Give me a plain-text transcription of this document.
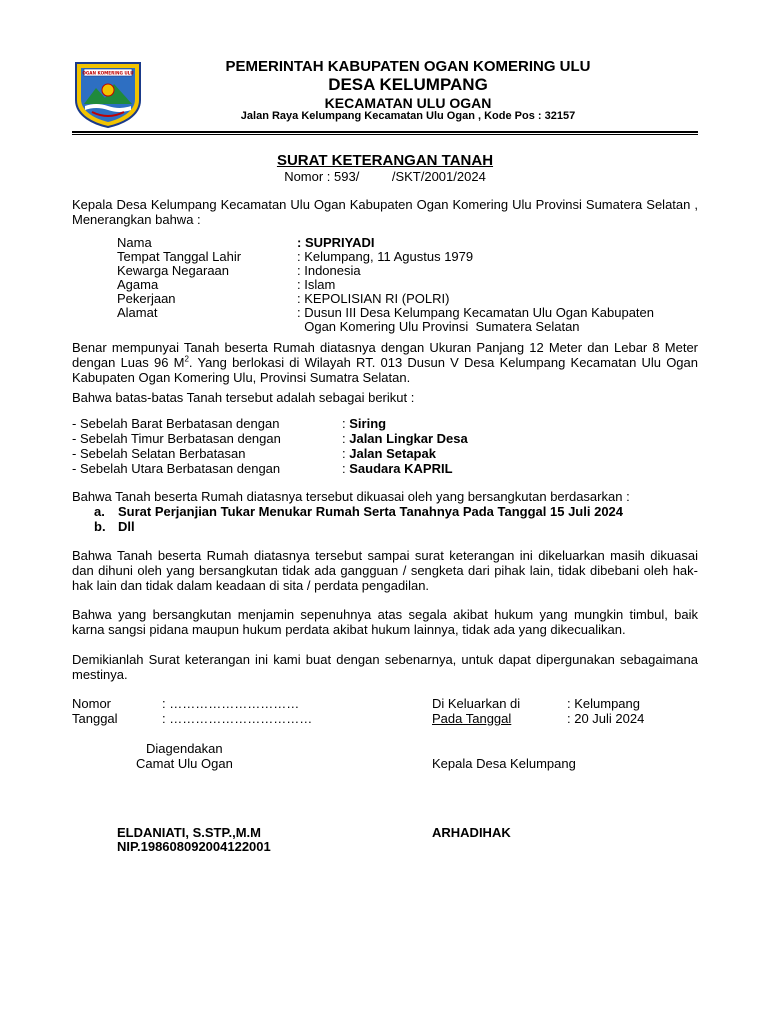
OGAN KOMERING ULU	PEMERINTAH KABUPATEN OGAN KOMERING ULU
DESA KELUMPANG
KECAMATAN ULU OGAN
Jalan Raya Kelumpang Kecamatan Ulu Ogan , Kode Pos : 32157
SURAT KETERANGAN TANAH
Nomor : 593/         /SKT/2001/2024
Kepala Desa Kelumpang Kecamatan Ulu Ogan Kabupaten Ogan Komering Ulu Provinsi Sumatera Selatan , Menerangkan bahwa :
Nama	: SUPRIYADI
Tempat Tanggal Lahir	: Kelumpang, 11 Agustus 1979
Kewarga Negaraan	: Indonesia
Agama	: Islam
Pekerjaan	: KEPOLISIAN RI (POLRI)
Alamat	: Dusun III Desa Kelumpang Kecamatan Ulu Ogan Kabupaten
Ogan Komering Ulu Provinsi  Sumatera Selatan
Benar mempunyai Tanah beserta Rumah diatasnya dengan Ukuran Panjang 12 Meter dan Lebar 8 Meter dengan Luas 96 $M^2$. Yang berlokasi di Wilayah RT. 013 Dusun V Desa Kelumpang Kecamatan Ulu Ogan Kabupaten Ogan Komering Ulu, Provinsi Sumatra Selatan.
Bahwa batas-batas Tanah tersebut adalah sebagai berikut :
- Sebelah Barat Berbatasan dengan	: Siring
- Sebelah Timur Berbatasan dengan	: Jalan Lingkar Desa
- Sebelah Selatan Berbatasan	: Jalan Setapak
- Sebelah Utara Berbatasan dengan	: Saudara KAPRIL
Bahwa Tanah beserta Rumah diatasnya tersebut dikuasai oleh yang bersangkutan berdasarkan :
a. Surat Perjanjian Tukar Menukar Rumah Serta Tanahnya Pada Tanggal 15 Juli 2024
b. Dll
Bahwa Tanah beserta Rumah diatasnya tersebut sampai surat keterangan ini dikeluarkan masih dikuasai dan dihuni oleh yang bersangkutan tidak ada gangguan / sengketa dari pihak lain, tidak dibebani oleh hak-hak lain dan tidak dalam keadaan di sita / perdata pengadilan.
Bahwa yang bersangkutan menjamin sepenuhnya atas segala akibat hukum yang mungkin timbul, baik karna sangsi pidana maupun hukum perdata akibat hukum lainnya, tidak ada yang dikecualikan.
Demikianlah Surat keterangan ini kami buat dengan sebenarnya, untuk dapat dipergunakan sebagaimana mestinya.
Nomor	: …………………………
Tanggal	: ……………………………
Di Keluarkan di	: Kelumpang
Pada Tanggal	: 20 Juli 2024
Diagendakan
Camat Ulu Ogan	Kepala Desa Kelumpang
ELDANIATI, S.STP.,M.M
NIP.198608092004122001
ARHADIHAK
